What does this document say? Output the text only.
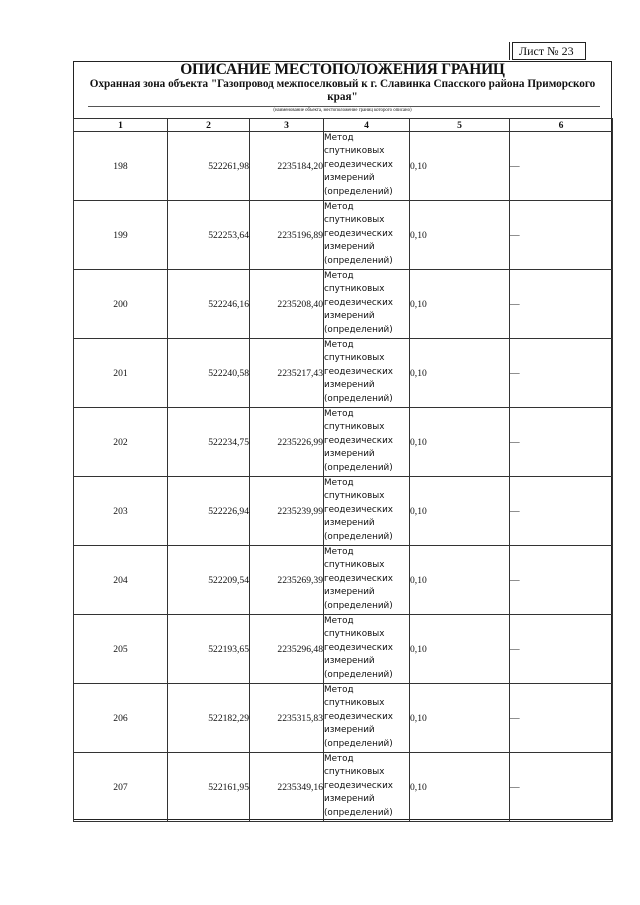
Лист № 23
ОПИСАНИЕ МЕСТОПОЛОЖЕНИЯ ГРАНИЦ
Охранная зона объекта "Газопровод межпоселковый к г. Славинка Спасского района Приморского края"
(наименование объекта, местоположение границ которого описано)
1	2	3	4	5	6
198	522261,98	2235184,20	Метод спутниковых геодезических измерений (определений)	0,10	—
199	522253,64	2235196,89	Метод спутниковых геодезических измерений (определений)	0,10	—
200	522246,16	2235208,40	Метод спутниковых геодезических измерений (определений)	0,10	—
201	522240,58	2235217,43	Метод спутниковых геодезических измерений (определений)	0,10	—
202	522234,75	2235226,99	Метод спутниковых геодезических измерений (определений)	0,10	—
203	522226,94	2235239,99	Метод спутниковых геодезических измерений (определений)	0,10	—
204	522209,54	2235269,39	Метод спутниковых геодезических измерений (определений)	0,10	—
205	522193,65	2235296,48	Метод спутниковых геодезических измерений (определений)	0,10	—
206	522182,29	2235315,83	Метод спутниковых геодезических измерений (определений)	0,10	—
207	522161,95	2235349,16	Метод спутниковых геодезических измерений (определений)	0,10	—
